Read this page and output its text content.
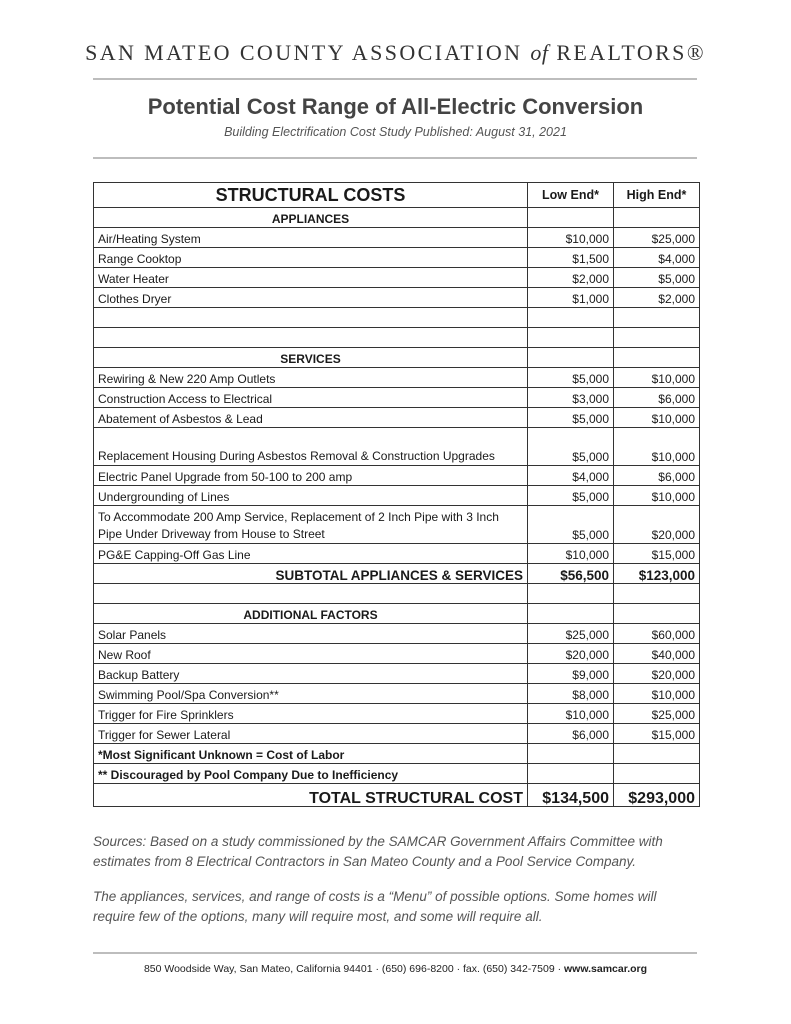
SAN MATEO COUNTY ASSOCIATION of REALTORS®
Potential Cost Range of All-Electric Conversion
Building Electrification Cost Study Published: August 31, 2021
STRUCTURAL COSTS	Low End*	High End*
APPLIANCES		
Air/Heating System	$10,000	$25,000
Range Cooktop	$1,500	$4,000
Water Heater	$2,000	$5,000
Clothes Dryer	$1,000	$2,000

SERVICES		
Rewiring & New 220 Amp Outlets	$5,000	$10,000
Construction Access to Electrical	$3,000	$6,000
Abatement of Asbestos & Lead	$5,000	$10,000
Replacement Housing During Asbestos Removal & Construction Upgrades	$5,000	$10,000
Electric Panel Upgrade from 50-100 to 200 amp	$4,000	$6,000
Undergrounding of Lines	$5,000	$10,000
To Accommodate 200 Amp Service, Replacement of 2 Inch Pipe with 3 Inch Pipe Under Driveway from House to Street	$5,000	$20,000
PG&E Capping-Off Gas Line	$10,000	$15,000
SUBTOTAL APPLIANCES & SERVICES	$56,500	$123,000

ADDITIONAL FACTORS		
Solar Panels	$25,000	$60,000
New Roof	$20,000	$40,000
Backup Battery	$9,000	$20,000
Swimming Pool/Spa Conversion**	$8,000	$10,000
Trigger for Fire Sprinklers	$10,000	$25,000
Trigger for Sewer Lateral	$6,000	$15,000
*Most Significant Unknown = Cost of Labor		
** Discouraged by Pool Company Due to Inefficiency		
TOTAL STRUCTURAL COST	$134,500	$293,000
Sources: Based on a study commissioned by the SAMCAR Government Affairs Committee with estimates from 8 Electrical Contractors in San Mateo County and a Pool Service Company.
The appliances, services, and range of costs is a “Menu” of possible options. Some homes will require few of the options, many will require most, and some will require all.
850 Woodside Way, San Mateo, California 94401 · (650) 696-8200 · fax. (650) 342-7509 · www.samcar.org
